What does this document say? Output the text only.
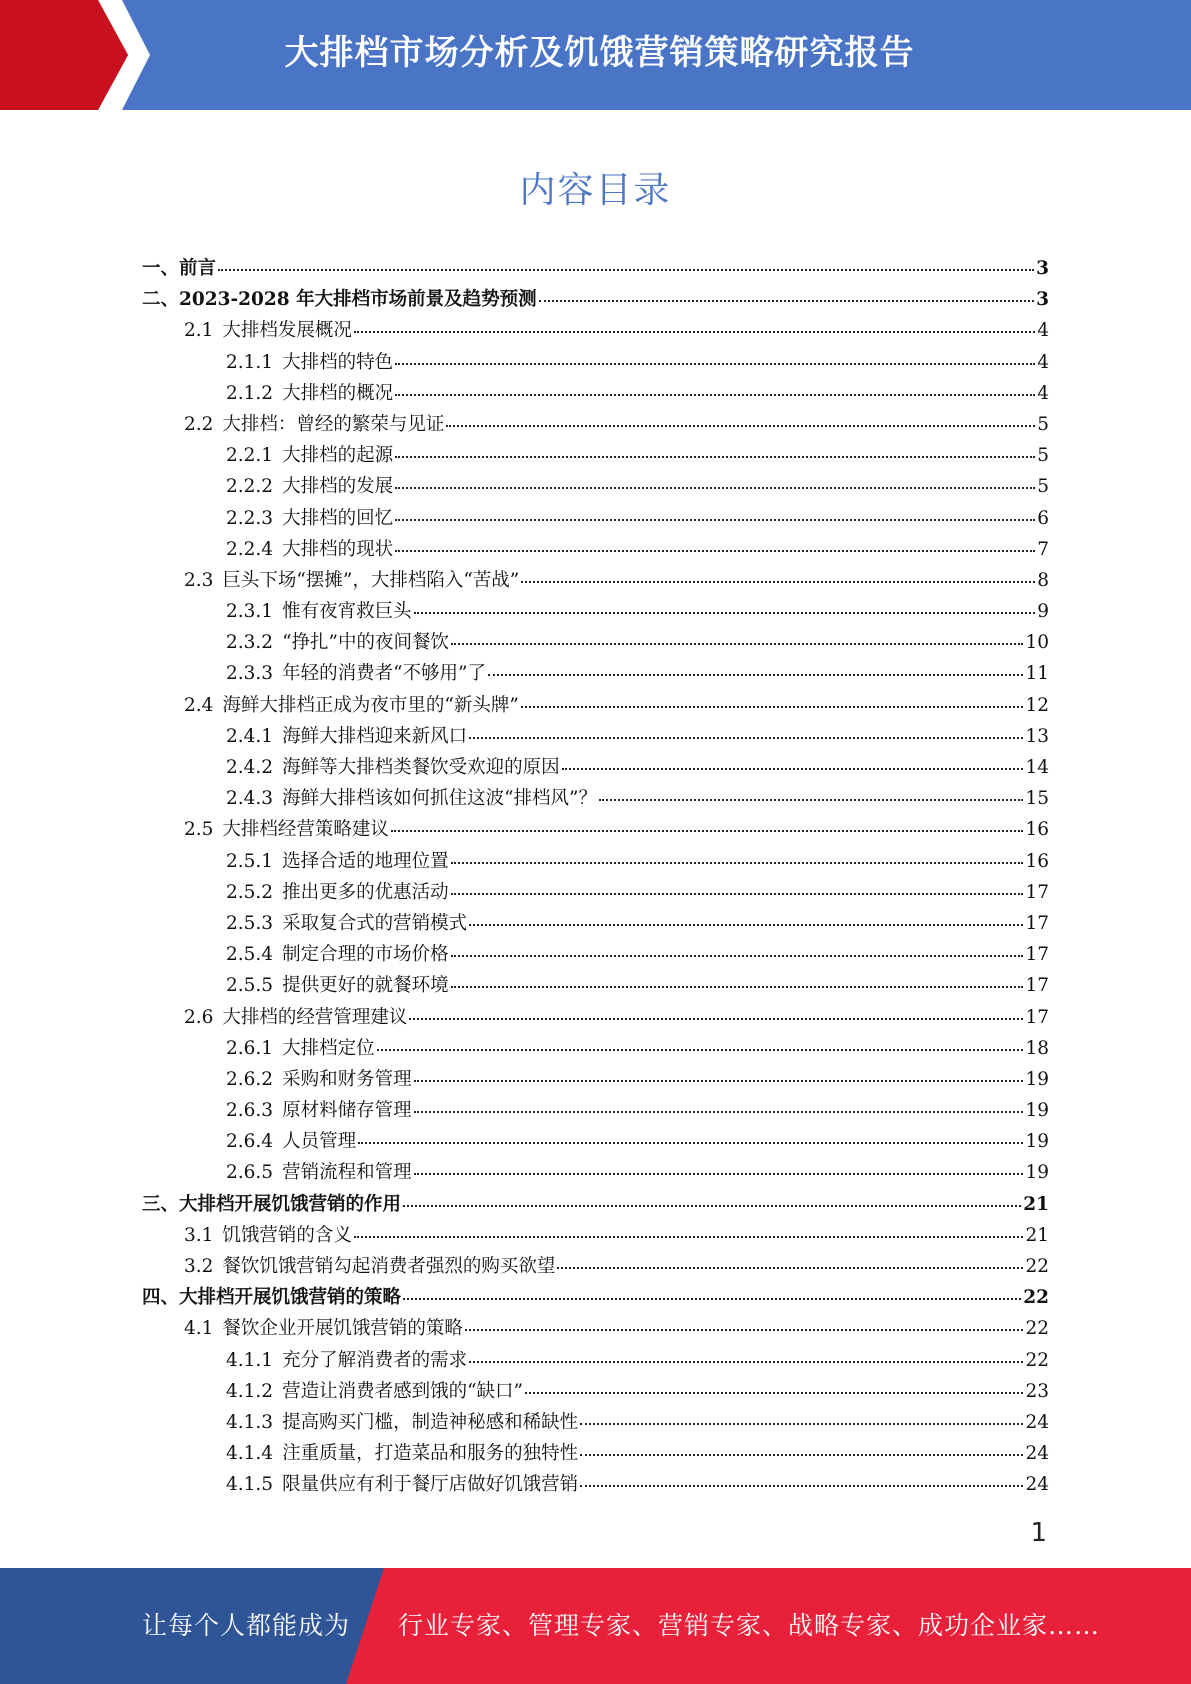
大排档市场分析及饥饿营销策略研究报告
内容目录
一、 前言	3
二、 2023-2028 年大排档市场前景及趋势预测	3
2.1 大排档发展概况	4
2.1.1 大排档的特色	4
2.1.2 大排档的概况	4
2.2 大排档：曾经的繁荣与见证	5
2.2.1 大排档的起源	5
2.2.2 大排档的发展	5
2.2.3 大排档的回忆	6
2.2.4 大排档的现状	7
2.3 巨头下场“摆摊”，大排档陷入“苦战”	8
2.3.1 惟有夜宵救巨头	9
2.3.2 “挣扎”中的夜间餐饮	10
2.3.3 年轻的消费者“不够用”了	11
2.4 海鲜大排档正成为夜市里的“新头牌”	12
2.4.1 海鲜大排档迎来新风口	13
2.4.2 海鲜等大排档类餐饮受欢迎的原因	14
2.4.3 海鲜大排档该如何抓住这波“排档风”？	15
2.5 大排档经营策略建议	16
2.5.1 选择合适的地理位置	16
2.5.2 推出更多的优惠活动	17
2.5.3 采取复合式的营销模式	17
2.5.4 制定合理的市场价格	17
2.5.5 提供更好的就餐环境	17
2.6 大排档的经营管理建议	17
2.6.1 大排档定位	18
2.6.2 采购和财务管理	19
2.6.3 原材料储存管理	19
2.6.4 人员管理	19
2.6.5 营销流程和管理	19
三、 大排档开展饥饿营销的作用	21
3.1 饥饿营销的含义	21
3.2 餐饮饥饿营销勾起消费者强烈的购买欲望	22
四、 大排档开展饥饿营销的策略	22
4.1 餐饮企业开展饥饿营销的策略	22
4.1.1 充分了解消费者的需求	22
4.1.2 营造让消费者感到饿的“缺口”	23
4.1.3 提高购买门槛，制造神秘感和稀缺性	24
4.1.4 注重质量，打造菜品和服务的独特性	24
4.1.5 限量供应有利于餐厅店做好饥饿营销	24
1
让每个人都能成为 行业专家、管理专家、营销专家、战略专家、成功企业家……
